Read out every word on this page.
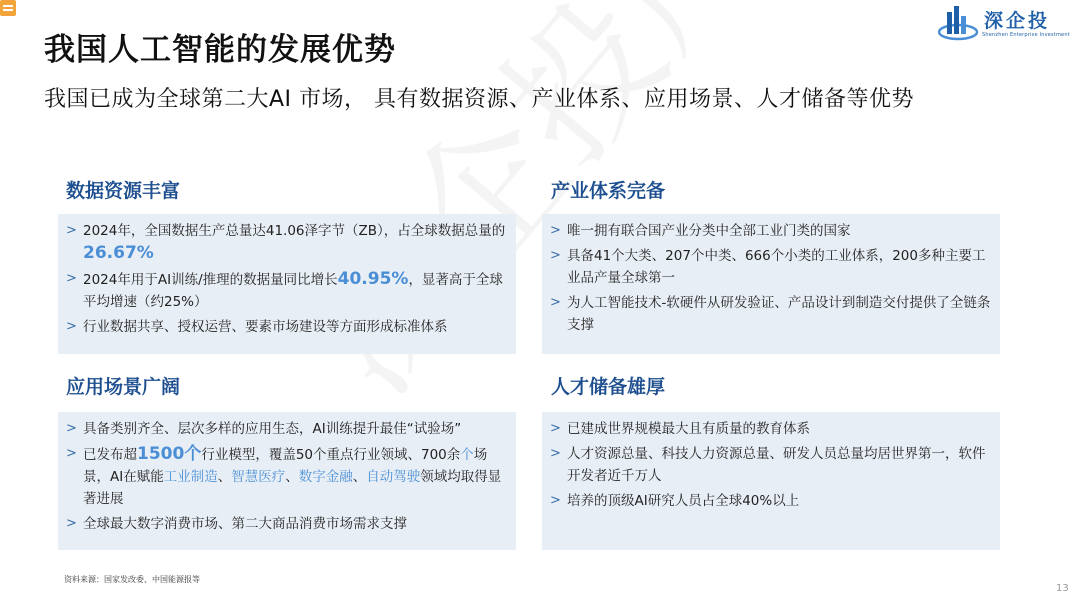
我国人工智能的发展优势
我国已成为全球第二大AI 市场， 具有数据资源、产业体系、应用场景、人才储备等优势
深企投
Shenzhen Enterprise Investment
数据资源丰富
> 2024年，全国数据生产总量达41.06泽字节（ZB），占全球数据总量的26.67%
> 2024年用于AI训练/推理的数据量同比增长40.95%，显著高于全球平均增速（约25%）
> 行业数据共享、授权运营、要素市场建设等方面形成标准体系
产业体系完备
> 唯一拥有联合国产业分类中全部工业门类的国家
> 具备41个大类、207个中类、666个小类的工业体系，200多种主要工业品产量全球第一
> 为人工智能技术-软硬件从研发验证、产品设计到制造交付提供了全链条支撑
应用场景广阔
> 具备类别齐全、层次多样的应用生态，AI训练提升最佳“试验场”
> 已发布超1500个行业模型，覆盖50个重点行业领域、700余个场景，AI在赋能工业制造、智慧医疗、数字金融、自动驾驶领域均取得显著进展
> 全球最大数字消费市场、第二大商品消费市场需求支撑
人才储备雄厚
> 已建成世界规模最大且有质量的教育体系
> 人才资源总量、科技人力资源总量、研发人员总量均居世界第一，软件开发者近千万人
> 培养的顶级AI研究人员占全球40%以上
资料来源：国家发改委、中国能源报等
13
